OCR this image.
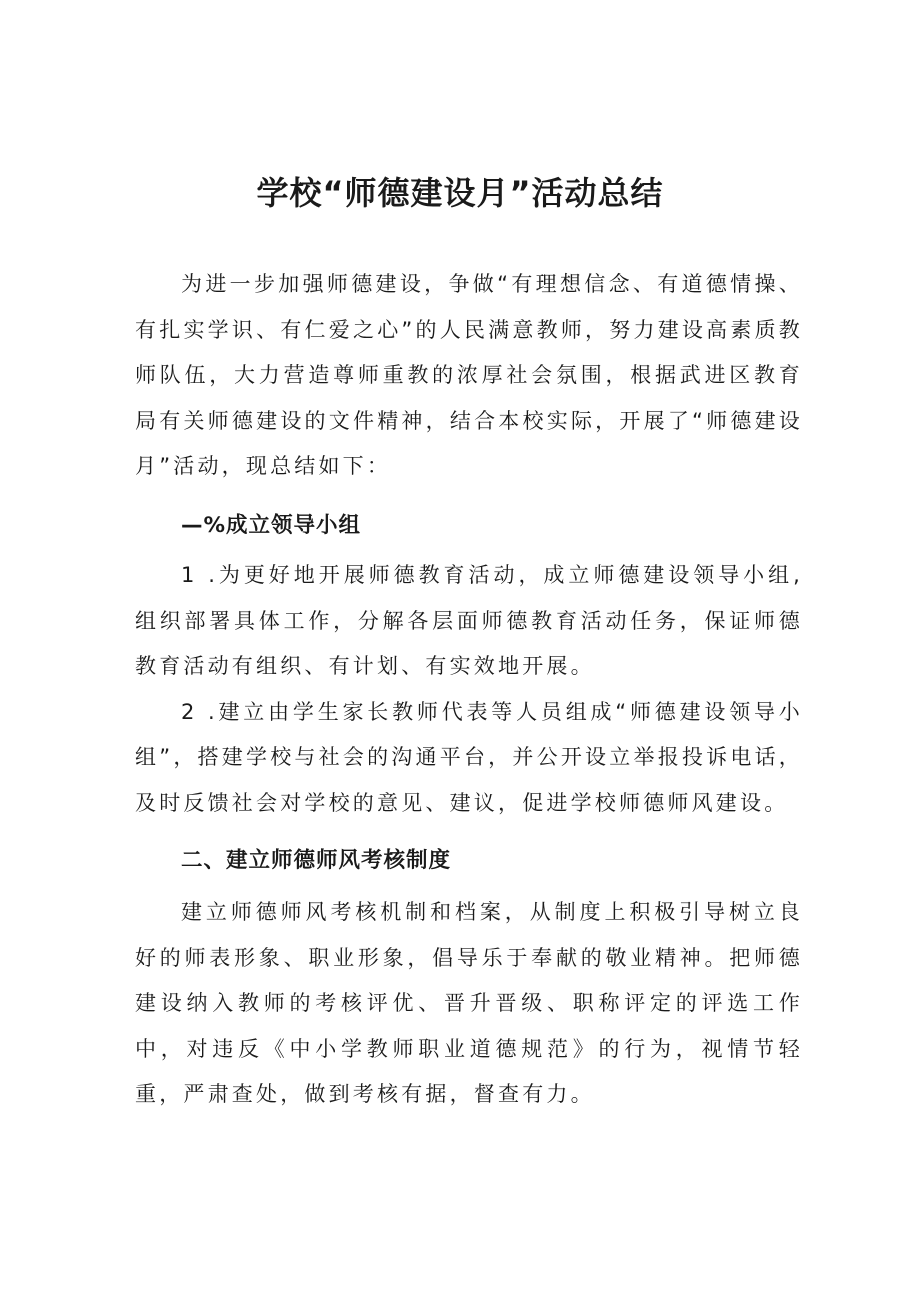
学校“师德建设月”活动总结

为进一步加强师德建设，争做“有理想信念、有道德情操、有扎实学识、有仁爱之心”的人民满意教师，努力建设高素质教师队伍，大力营造尊师重教的浓厚社会氛围，根据武进区教育局有关师德建设的文件精神，结合本校实际，开展了“师德建设月”活动，现总结如下：

—%成立领导小组

1 .为更好地开展师德教育活动，成立师德建设领导小组,组织部署具体工作，分解各层面师德教育活动任务，保证师德教育活动有组织、有计划、有实效地开展。

2 .建立由学生家长教师代表等人员组成“师德建设领导小组”，搭建学校与社会的沟通平台，并公开设立举报投诉电话，及时反馈社会对学校的意见、建议，促进学校师德师风建设。

二、建立师德师风考核制度

建立师德师风考核机制和档案，从制度上积极引导树立良好的师表形象、职业形象，倡导乐于奉献的敬业精神。把师德建设纳入教师的考核评优、晋升晋级、职称评定的评选工作中，对违反《中小学教师职业道德规范》的行为，视情节轻重，严肃查处，做到考核有据，督查有力。
